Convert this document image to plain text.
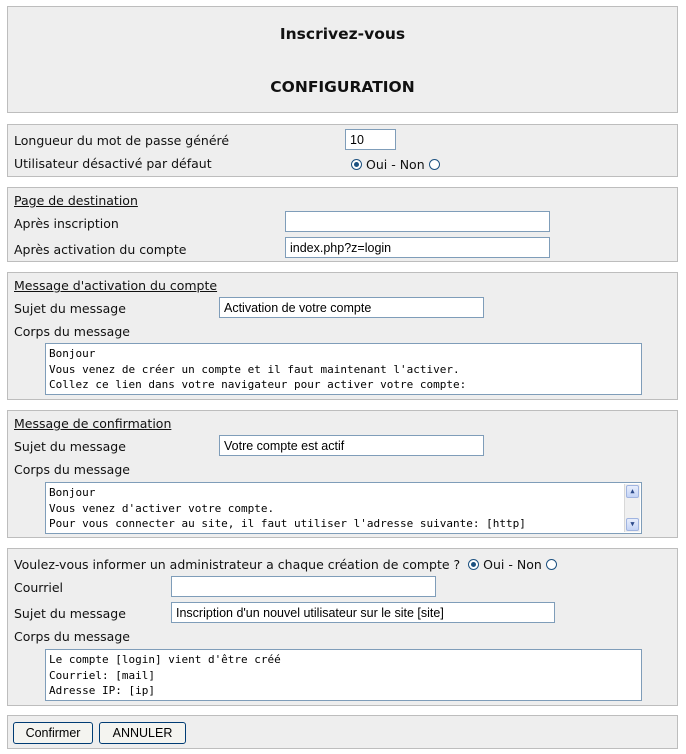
Inscrivez-vous
CONFIGURATION
Longueur du mot de passe généré	10
Utilisateur désactivé par défaut	Oui - Non
Page de destination
Après inscription
Après activation du compte	index.php?z=login
Message d'activation du compte
Sujet du message	Activation de votre compte
Corps du message
Bonjour
Vous venez de créer un compte et il faut maintenant l'activer.
Collez ce lien dans votre navigateur pour activer votre compte:
Message de confirmation
Sujet du message	Votre compte est actif
Corps du message
Bonjour
Vous venez d'activer votre compte.
Pour vous connecter au site, il faut utiliser l'adresse suivante: [http]

▲

▼

Voulez-vous informer un administrateur a chaque création de compte ? Oui - Non
Courriel
Sujet du message	Inscription d'un nouvel utilisateur sur le site [site]
Corps du message
Le compte [login] vient d'être créé
Courriel: [mail]
Adresse IP: [ip]
Confirmer	ANNULER
